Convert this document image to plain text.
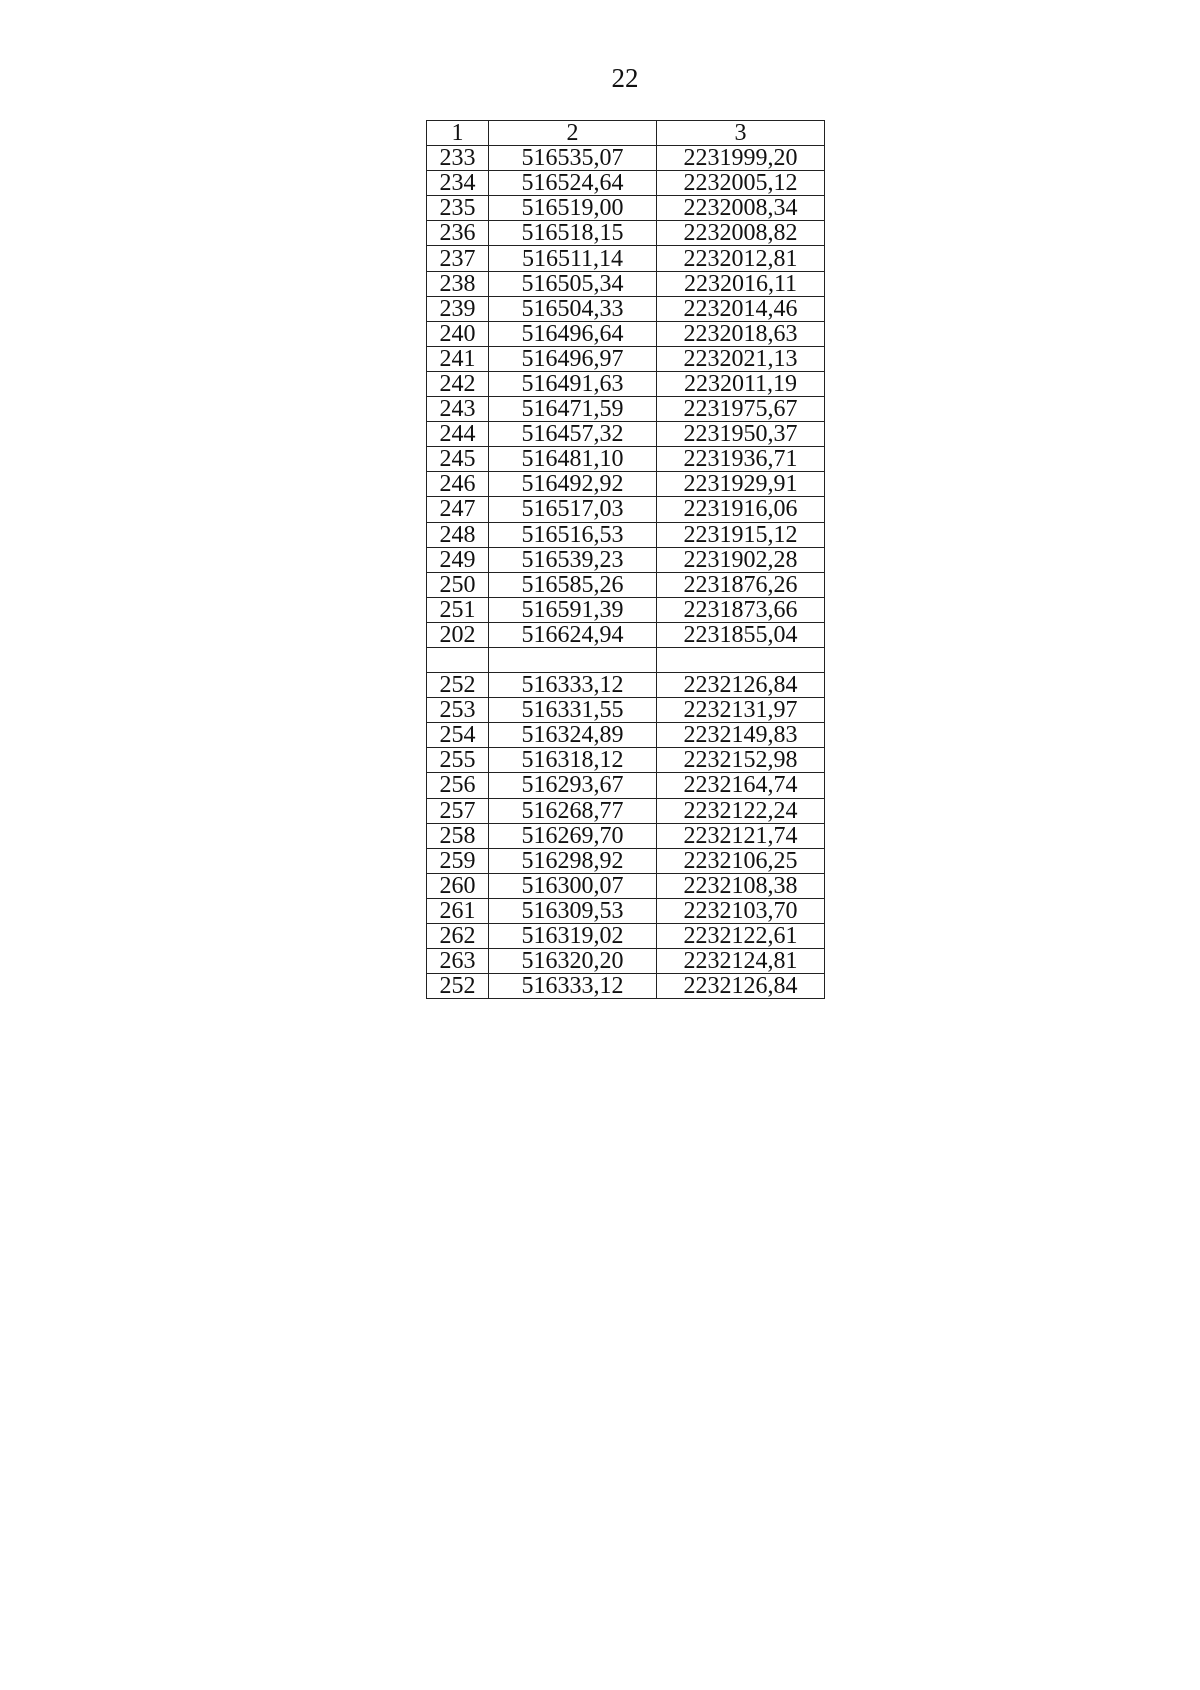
22
1	2	3
233	516535,07	2231999,20
234	516524,64	2232005,12
235	516519,00	2232008,34
236	516518,15	2232008,82
237	516511,14	2232012,81
238	516505,34	2232016,11
239	516504,33	2232014,46
240	516496,64	2232018,63
241	516496,97	2232021,13
242	516491,63	2232011,19
243	516471,59	2231975,67
244	516457,32	2231950,37
245	516481,10	2231936,71
246	516492,92	2231929,91
247	516517,03	2231916,06
248	516516,53	2231915,12
249	516539,23	2231902,28
250	516585,26	2231876,26
251	516591,39	2231873,66
202	516624,94	2231855,04

252	516333,12	2232126,84
253	516331,55	2232131,97
254	516324,89	2232149,83
255	516318,12	2232152,98
256	516293,67	2232164,74
257	516268,77	2232122,24
258	516269,70	2232121,74
259	516298,92	2232106,25
260	516300,07	2232108,38
261	516309,53	2232103,70
262	516319,02	2232122,61
263	516320,20	2232124,81
252	516333,12	2232126,84
